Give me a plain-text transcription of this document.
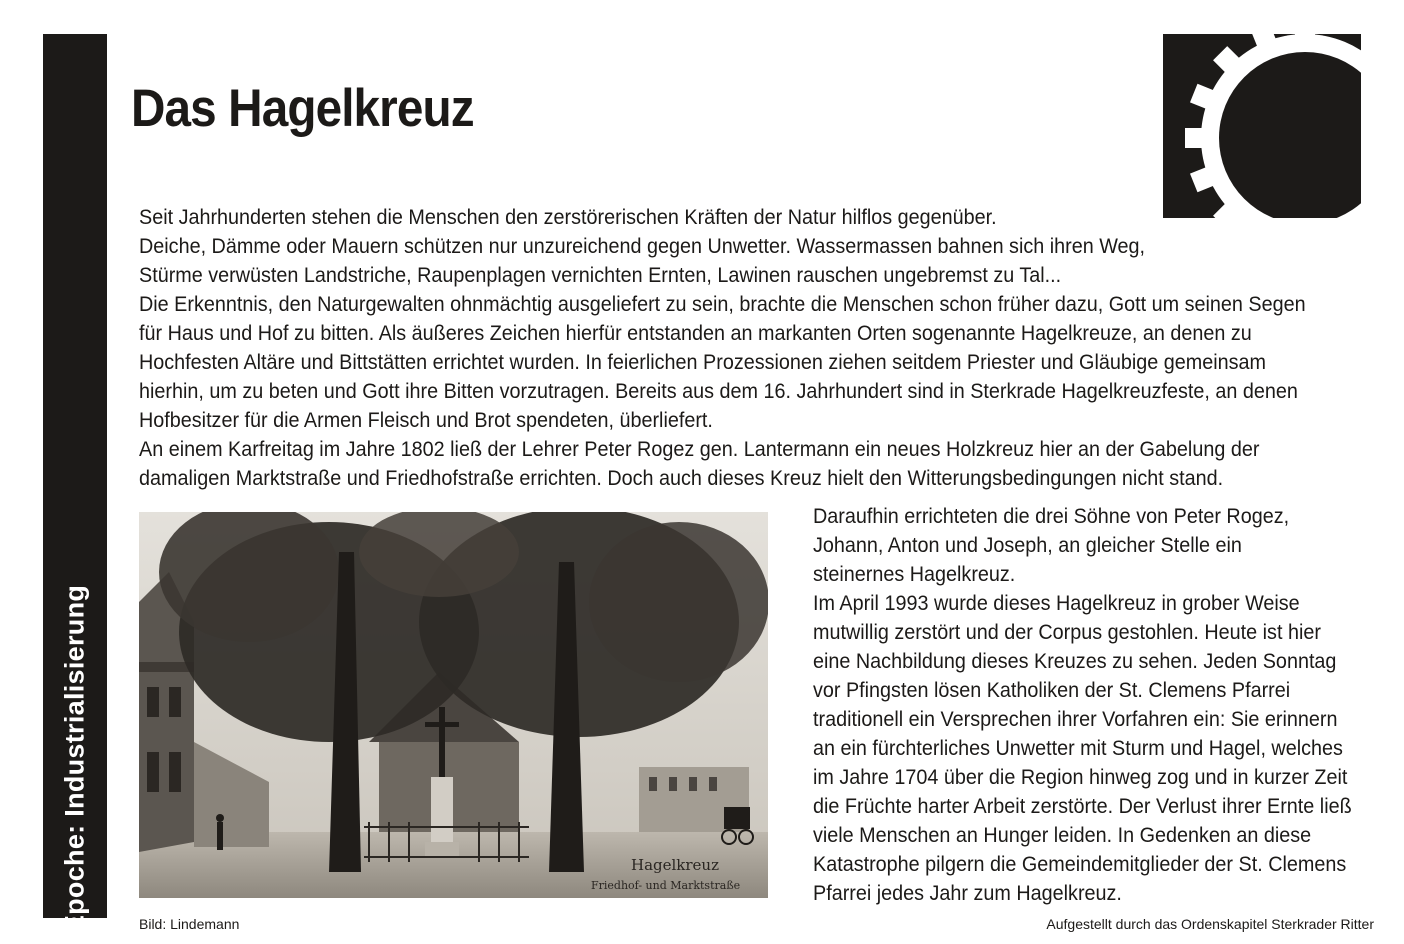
Epoche: Industrialisierung
Das Hagelkreuz

Seit Jahrhunderten stehen die Menschen den zerstörerischen Kräften der Natur hilflos gegenüber.
Deiche, Dämme oder Mauern schützen nur unzureichend gegen Unwetter. Wassermassen bahnen sich ihren Weg,
Stürme verwüsten Landstriche, Raupenplagen vernichten Ernten, Lawinen rauschen ungebremst zu Tal...

Die Erkenntnis, den Naturgewalten ohnmächtig ausgeliefert zu sein, brachte die Menschen schon früher dazu, Gott um seinen Segen
für Haus und Hof zu bitten. Als äußeres Zeichen hierfür entstanden an markanten Orten sogenannte Hagelkreuze, an denen zu
Hochfesten Altäre und Bittstätten errichtet wurden. In feierlichen Prozessionen ziehen seitdem Priester und Gläubige gemeinsam
hierhin, um zu beten und Gott ihre Bitten vorzutragen. Bereits aus dem 16. Jahrhundert sind in Sterkrade Hagelkreuzfeste, an denen
Hofbesitzer für die Armen Fleisch und Brot spendeten, überliefert.

An einem Karfreitag im Jahre 1802 ließ der Lehrer Peter Rogez gen. Lantermann ein neues Holzkreuz hier an der Gabelung der
damaligen Marktstraße und Friedhofstraße errichten. Doch auch dieses Kreuz hielt den Witterungsbedingungen nicht stand.

Hagelkreuz
Friedhof- und Marktstraße

Daraufhin errichteten die drei Söhne von Peter Rogez,
Johann, Anton und Joseph, an gleicher Stelle ein
steinernes Hagelkreuz.

Im April 1993 wurde dieses Hagelkreuz in grober Weise
mutwillig zerstört und der Corpus gestohlen. Heute ist hier
eine Nachbildung dieses Kreuzes zu sehen. Jeden Sonntag
vor Pfingsten lösen Katholiken der St. Clemens Pfarrei
traditionell ein Versprechen ihrer Vorfahren ein: Sie erinnern
an ein fürchterliches Unwetter mit Sturm und Hagel, welches
im Jahre 1704 über die Region hinweg zog und in kurzer Zeit
die Früchte harter Arbeit zerstörte. Der Verlust ihrer Ernte ließ
viele Menschen an Hunger leiden. In Gedenken an diese
Katastrophe pilgern die Gemeindemitglieder der St. Clemens
Pfarrei jedes Jahr zum Hagelkreuz.

Bild: Lindemann	Aufgestellt durch das Ordenskapitel Sterkrader Ritter
